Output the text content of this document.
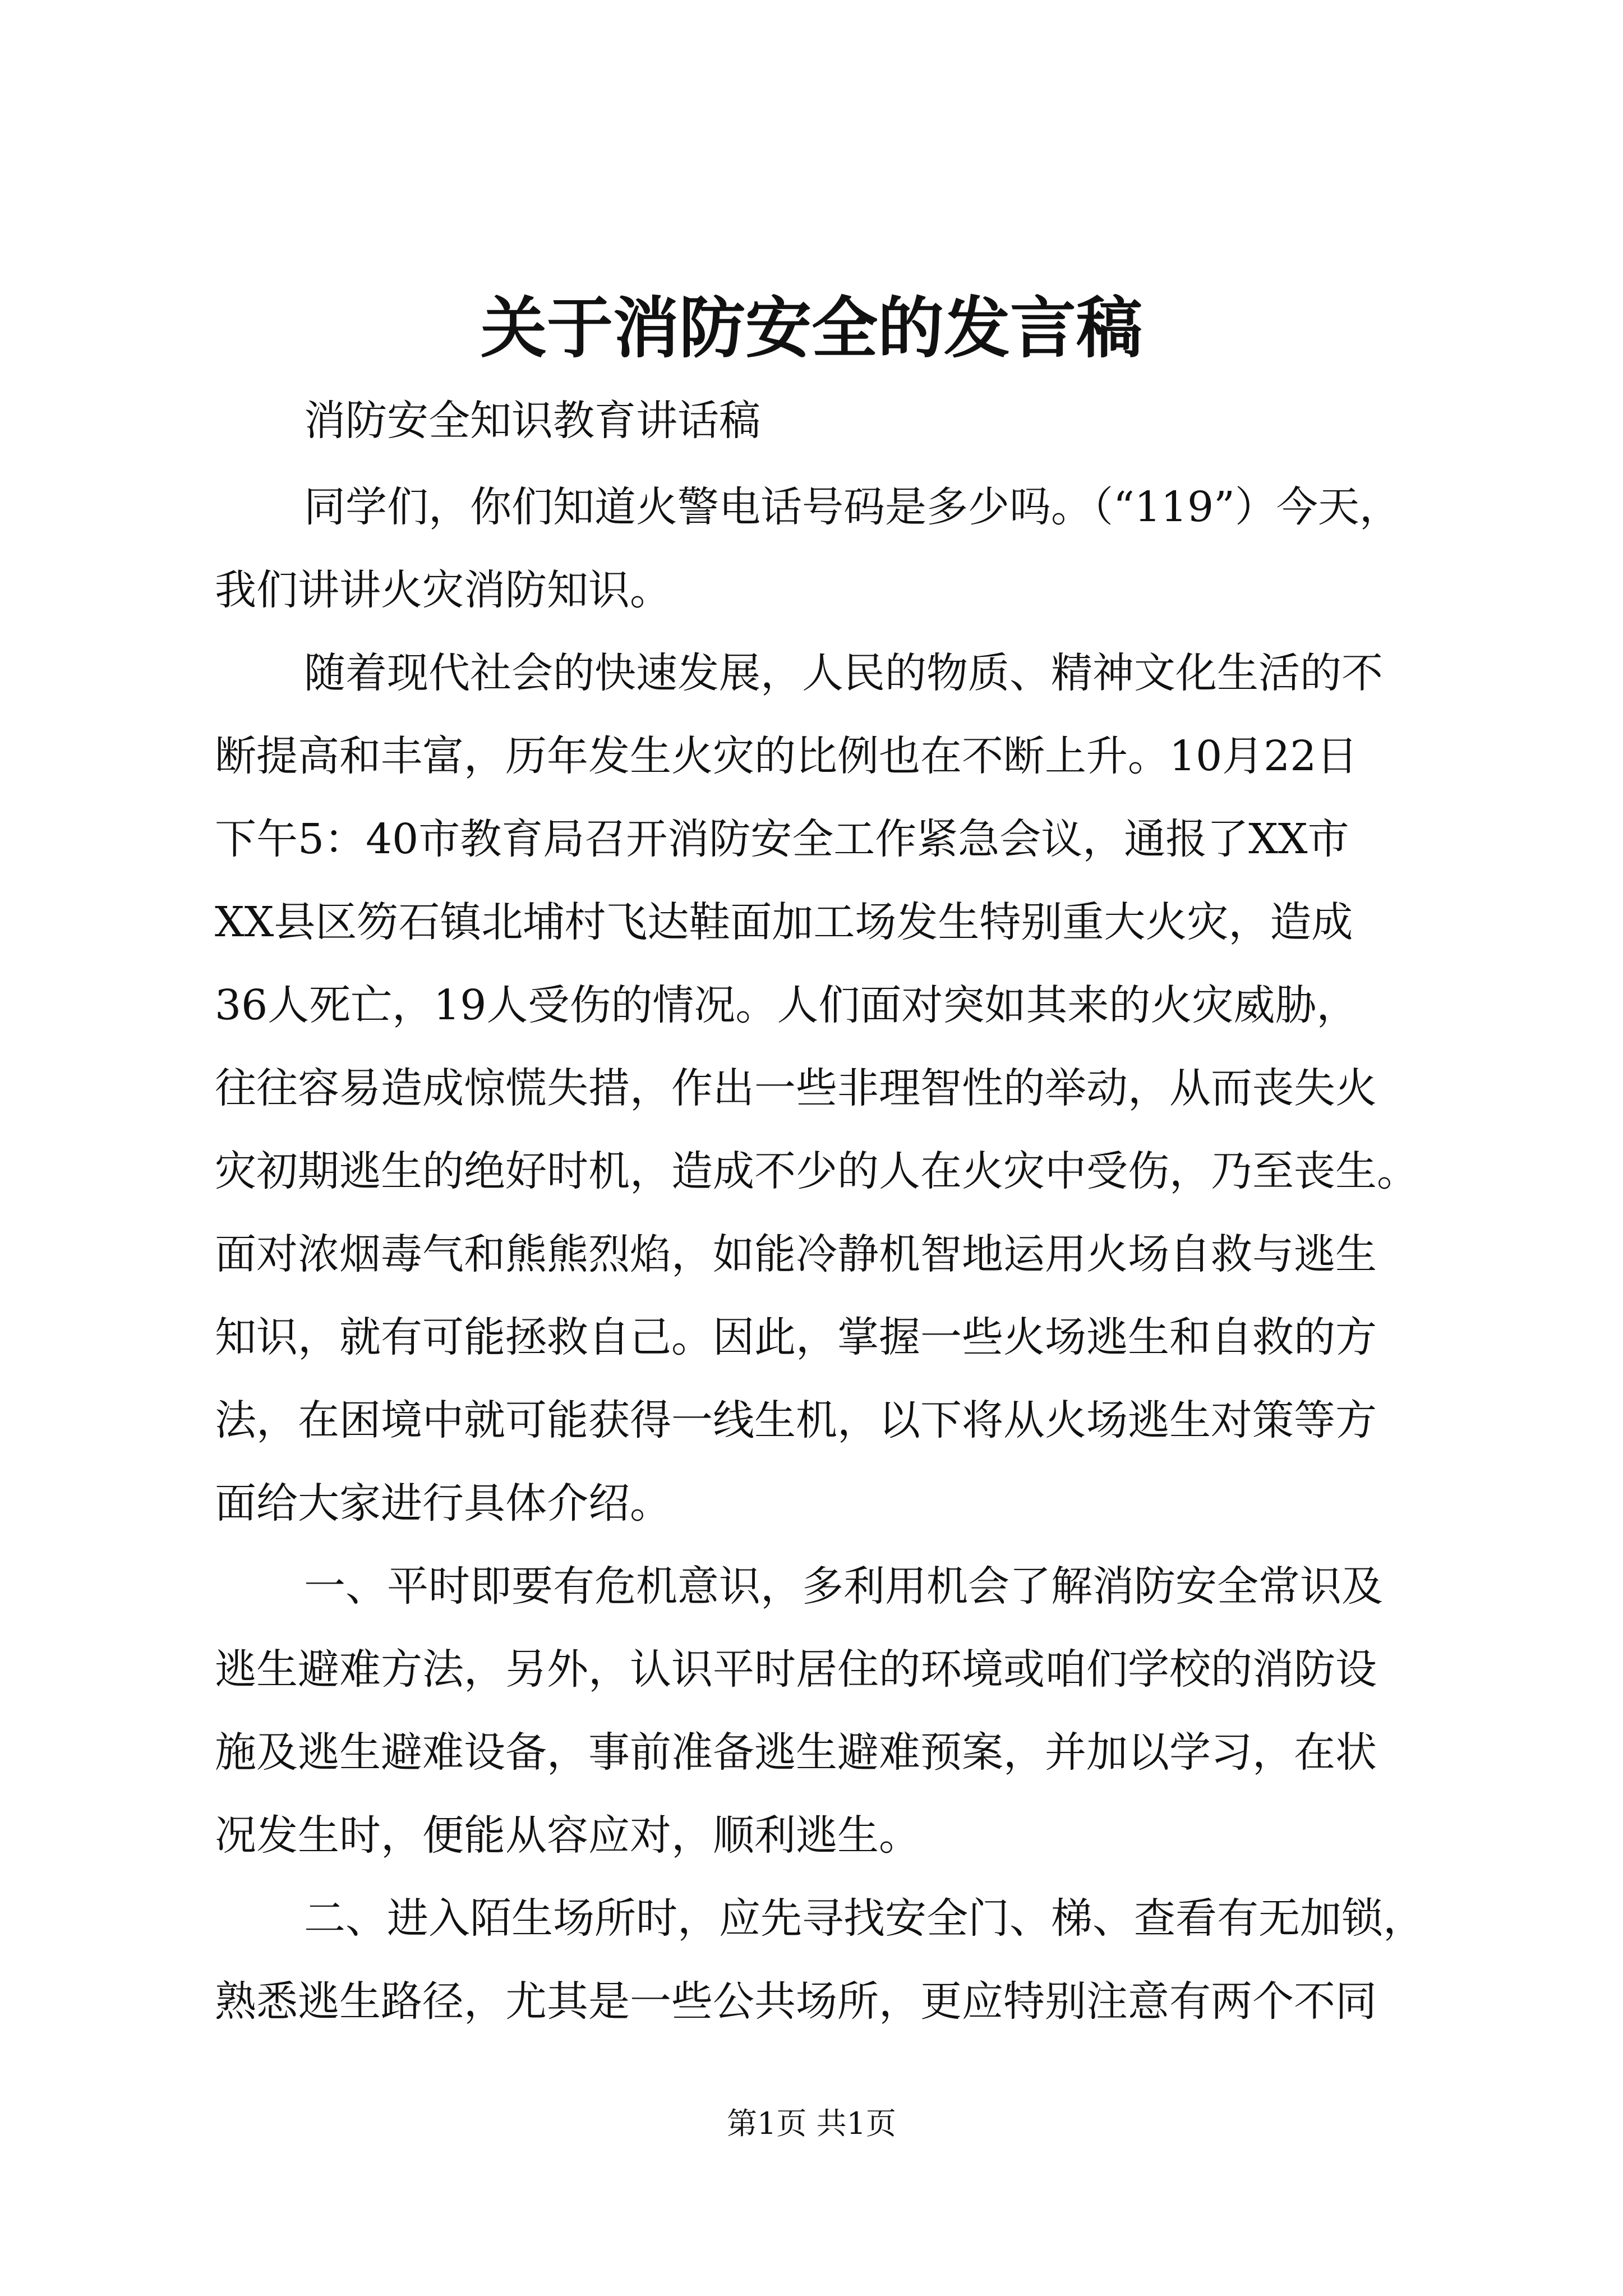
关于消防安全的发言稿

消防安全知识教育讲话稿

同学们，你们知道火警电话号码是多少吗。（“119”）今天，

我们讲讲火灾消防知识。

随着现代社会的快速发展，人民的物质、精神文化生活的不

断提高和丰富，历年发生火灾的比例也在不断上升。10月22日

下午5：40市教育局召开消防安全工作紧急会议，通报了XX市

XX县区笏石镇北埔村飞达鞋面加工场发生特别重大火灾，造成

36人死亡，19人受伤的情况。人们面对突如其来的火灾威胁，

往往容易造成惊慌失措，作出一些非理智性的举动，从而丧失火

灾初期逃生的绝好时机，造成不少的人在火灾中受伤，乃至丧生。

面对浓烟毒气和熊熊烈焰，如能冷静机智地运用火场自救与逃生

知识，就有可能拯救自己。因此，掌握一些火场逃生和自救的方

法，在困境中就可能获得一线生机，以下将从火场逃生对策等方

面给大家进行具体介绍。

一、平时即要有危机意识，多利用机会了解消防安全常识及

逃生避难方法，另外，认识平时居住的环境或咱们学校的消防设

施及逃生避难设备，事前准备逃生避难预案，并加以学习，在状

况发生时，便能从容应对，顺利逃生。

二、进入陌生场所时，应先寻找安全门、梯、查看有无加锁，

熟悉逃生路径，尤其是一些公共场所，更应特别注意有两个不同

第1页 共1页
